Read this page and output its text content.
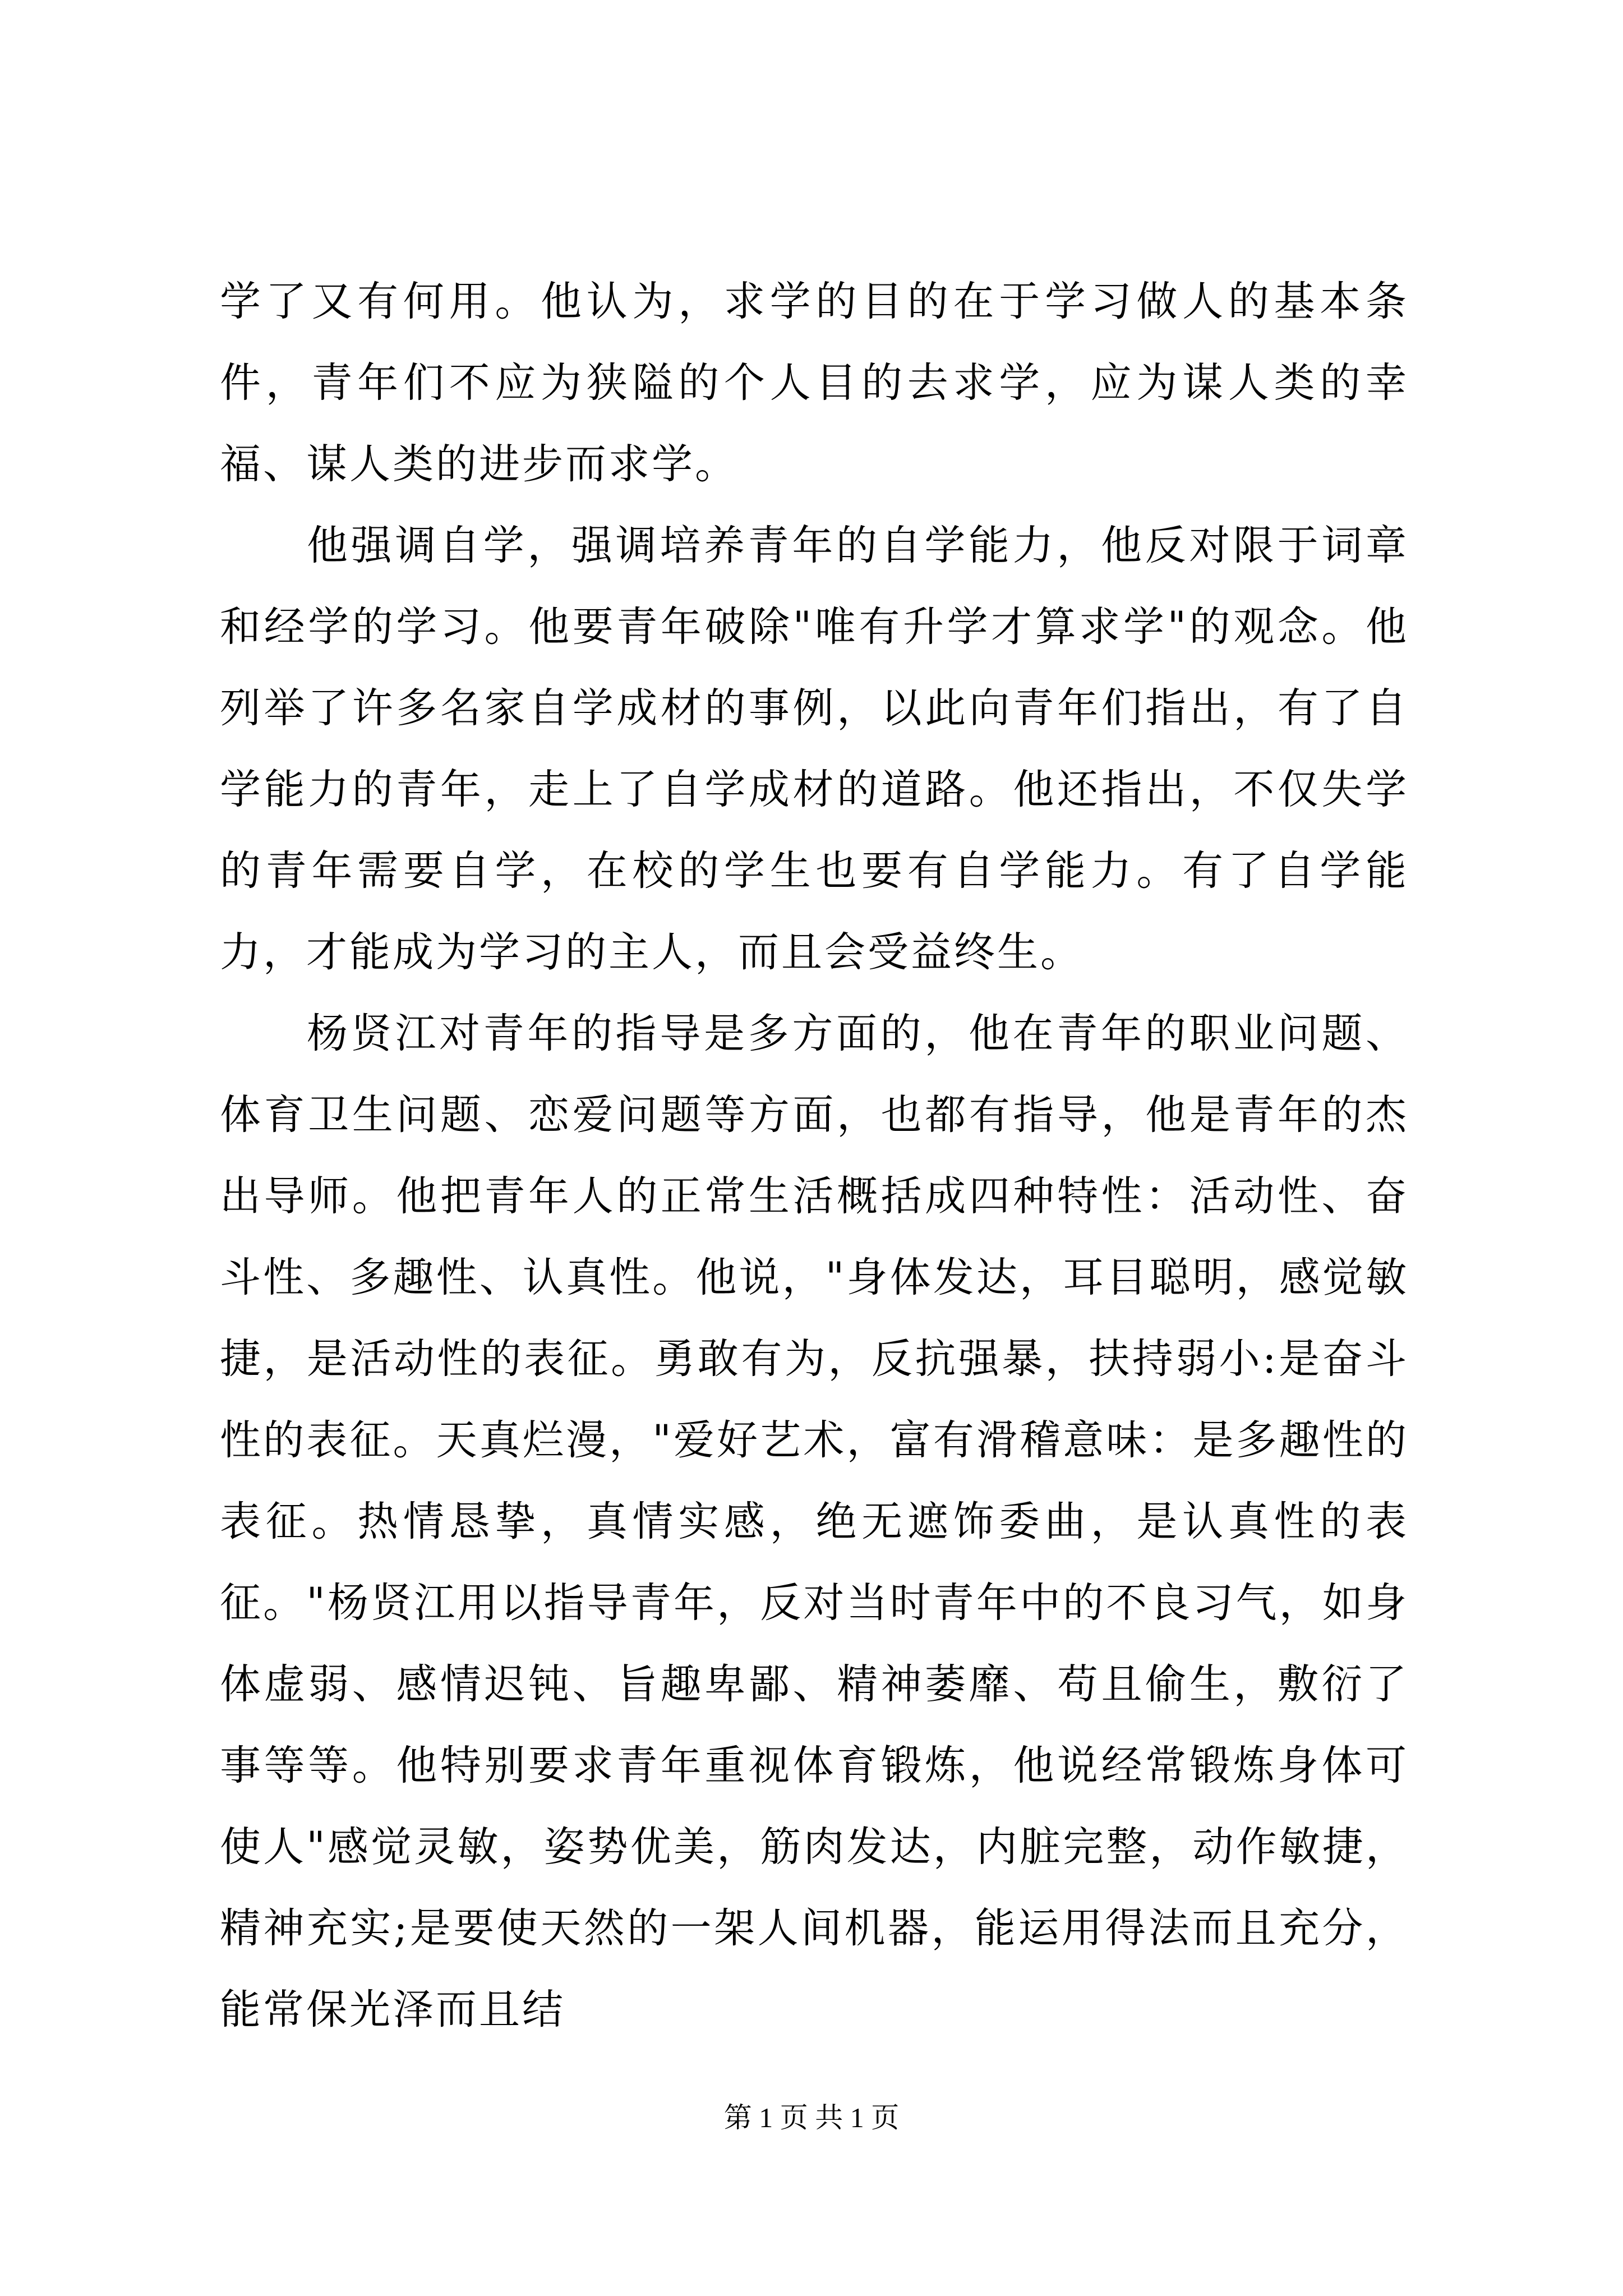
学了又有何用。他认为，求学的目的在于学习做人的基本条件，青年们不应为狭隘的个人目的去求学，应为谋人类的幸福、谋人类的进步而求学。

他强调自学，强调培养青年的自学能力，他反对限于词章和经学的学习。他要青年破除"唯有升学才算求学"的观念。他列举了许多名家自学成材的事例，以此向青年们指出，有了自学能力的青年，走上了自学成材的道路。他还指出，不仅失学的青年需要自学，在校的学生也要有自学能力。有了自学能力，才能成为学习的主人，而且会受益终生。

杨贤江对青年的指导是多方面的，他在青年的职业问题、体育卫生问题、恋爱问题等方面，也都有指导，他是青年的杰出导师。他把青年人的正常生活概括成四种特性：活动性、奋斗性、多趣性、认真性。他说，"身体发达，耳目聪明，感觉敏捷，是活动性的表征。勇敢有为，反抗强暴，扶持弱小:是奋斗性的表征。天真烂漫，"爱好艺术，富有滑稽意味：是多趣性的表征。热情恳挚，真情实感，绝无遮饰委曲，是认真性的表征。"杨贤江用以指导青年，反对当时青年中的不良习气，如身体虚弱、感情迟钝、旨趣卑鄙、精神萎靡、苟且偷生，敷衍了事等等。他特别要求青年重视体育锻炼，他说经常锻炼身体可使人"感觉灵敏，姿势优美，筋肉发达，内脏完整，动作敏捷，精神充实;是要使天然的一架人间机器，能运用得法而且充分，能常保光泽而且结

第 1 页 共 1 页
